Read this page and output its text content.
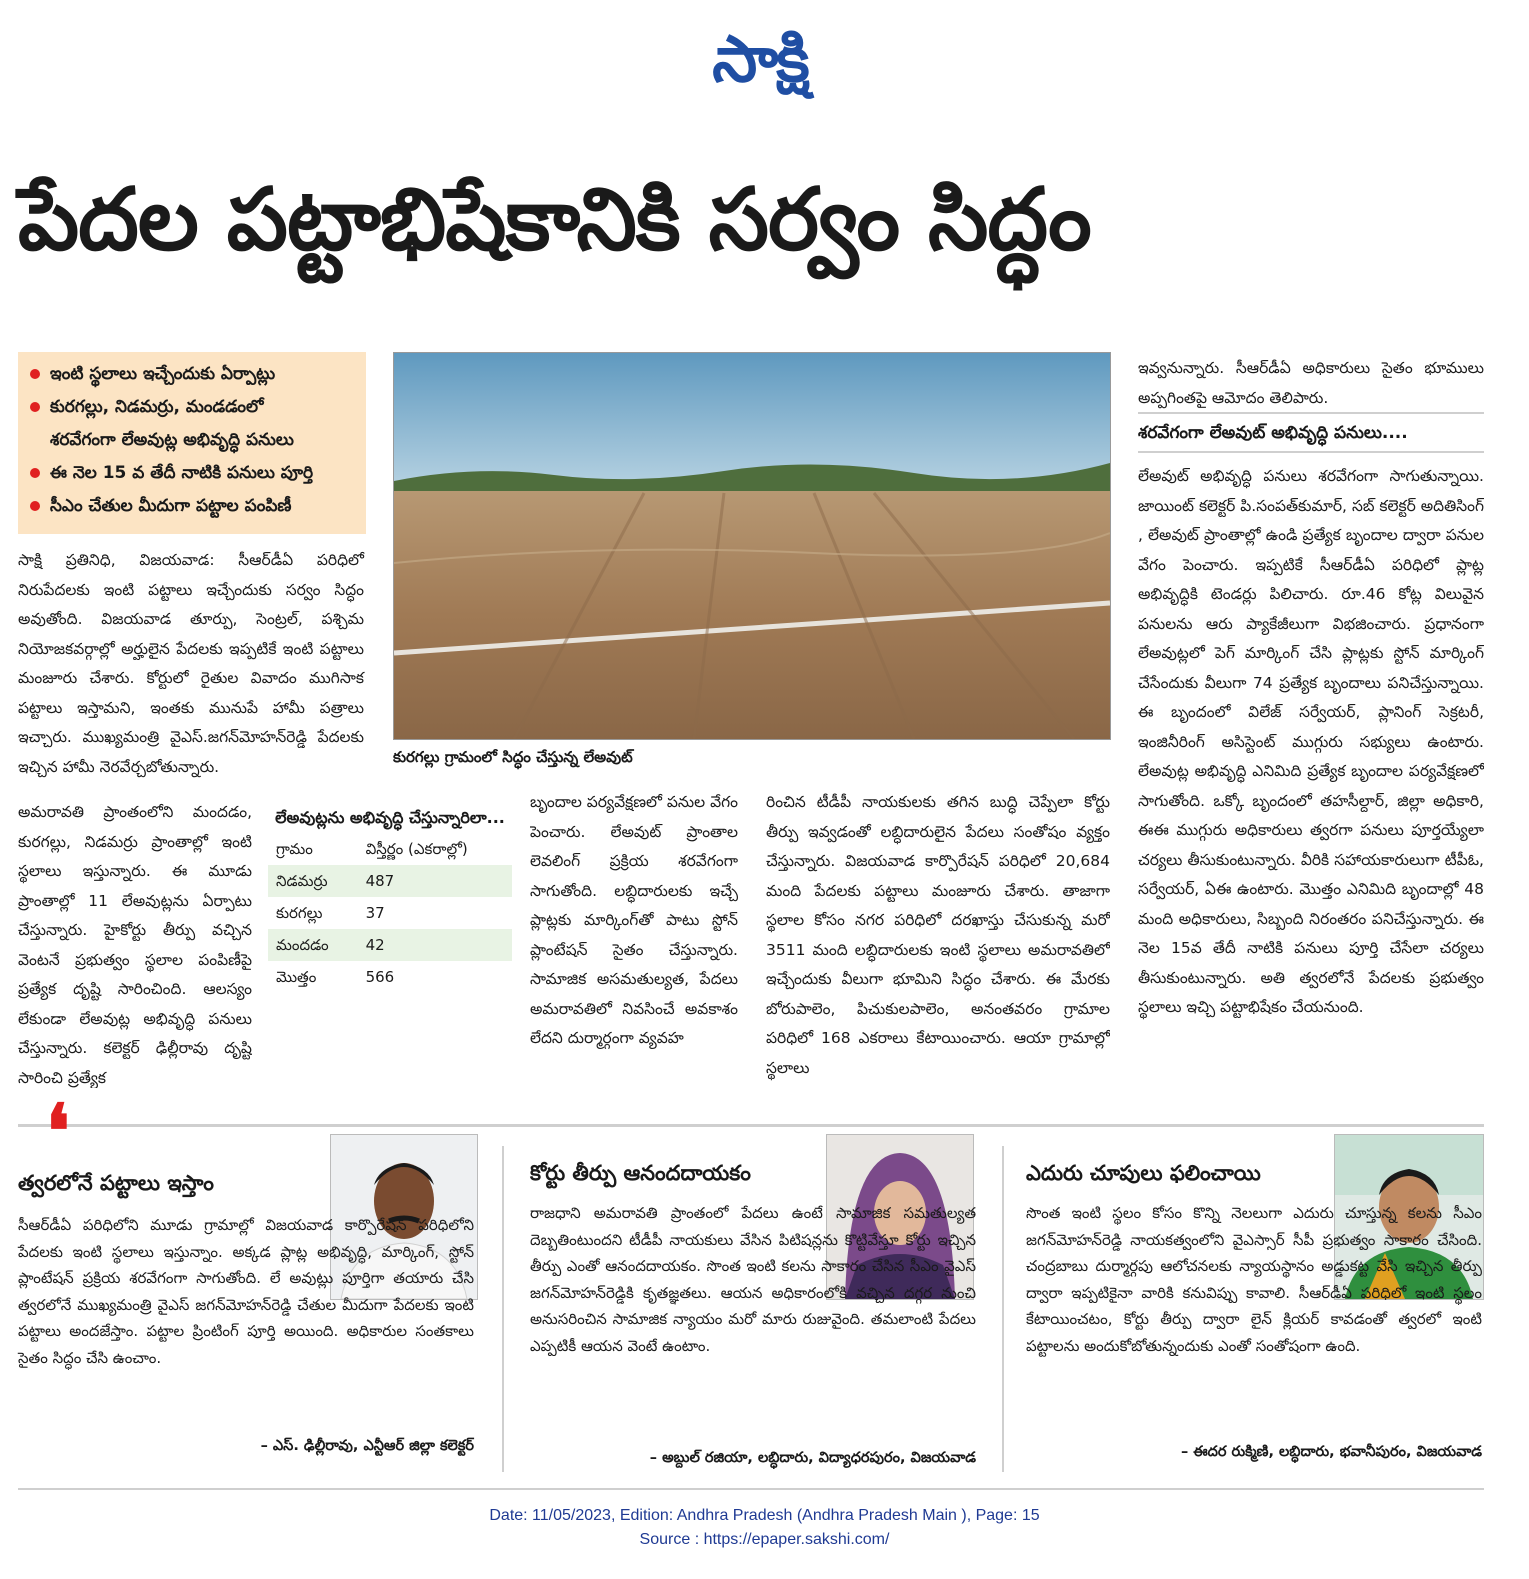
సాక్షి
పేదల పట్టాభిషేకానికి సర్వం సిద్ధం
ఇంటి స్థలాలు ఇచ్చేందుకు ఏర్పాట్లు
కురగల్లు, నిడమర్రు, మండడంలో
శరవేగంగా లేఅవుట్ల అభివృద్ధి పనులు
ఈ నెల 15 వ తేదీ నాటికి పనులు పూర్తి
సీఎం చేతుల మీదుగా పట్టాల పంపిణీ
కురగల్లు గ్రామంలో సిద్ధం చేస్తున్న లేఅవుట్

సాక్షి ప్రతినిధి, విజయవాడ: సీఆర్‌డీఏ పరిధిలో నిరుపేదలకు ఇంటి పట్టాలు ఇచ్చేందుకు సర్వం సిద్ధం అవుతోంది. విజయవాడ తూర్పు, సెంట్రల్, పశ్చిమ నియోజకవర్గాల్లో అర్హులైన పేదలకు ఇప్పటికే ఇంటి పట్టాలు మంజూరు చేశారు. కోర్టులో రైతుల వివాదం ముగిసాక పట్టాలు ఇస్తామని, ఇంతకు మునుపే హామీ పత్రాలు ఇచ్చారు. ముఖ్యమంత్రి వైఎస్‌.జగన్‌మోహన్‌రెడ్డి పేదలకు ఇచ్చిన హామీ నెరవేర్చబోతున్నారు.

అమరావతి ప్రాంతంలోని మందడం, కురగల్లు, నిడమర్రు ప్రాంతాల్లో ఇంటి స్థలాలు ఇస్తున్నారు. ఈ మూడు ప్రాంతాల్లో 11 లేఅవుట్లను ఏర్పాటు చేస్తున్నారు. హైకోర్టు తీర్పు వచ్చిన వెంటనే ప్రభుత్వం స్థలాల పంపిణీపై ప్రత్యేక దృష్టి సారించింది. ఆలస్యం లేకుండా లేఅవుట్ల అభివృద్ధి పనులు చేస్తున్నారు. కలెక్టర్‌ ఢిల్లీరావు దృష్టి సారించి ప్రత్యేక

లేఅవుట్లను అభివృద్ధి చేస్తున్నారిలా...
గ్రామం	విస్తీర్ణం (ఎకరాల్లో)
నిడమర్రు	487
కురగల్లు	37
మందడం	42
మొత్తం	566

బృందాల పర్యవేక్షణలో పనుల వేగం పెంచారు. లేఅవుట్‌ ప్రాంతాల లెవలింగ్‌ ప్రక్రియ శరవేగంగా సాగుతోంది. లబ్ధిదారులకు ఇచ్చే ప్లాట్లకు మార్కింగ్‌తో పాటు స్టోన్‌ ప్లాంటేషన్‌ సైతం చేస్తున్నారు. సామాజిక అసమతుల్యత, పేదలు అమరావతిలో నివసించే అవకాశం లేదని దుర్మార్గంగా వ్యవహ

రించిన టీడీపీ నాయకులకు తగిన బుద్ధి చెప్పేలా కోర్టు తీర్పు ఇవ్వడంతో లబ్ధిదారులైన పేదలు సంతోషం వ్యక్తం చేస్తున్నారు. విజయవాడ కార్పొరేషన్‌ పరిధిలో 20,684 మంది పేదలకు పట్టాలు మంజూరు చేశారు. తాజాగా స్థలాల కోసం నగర పరిధిలో దరఖాస్తు చేసుకున్న మరో 3511 మంది లబ్ధిదారులకు ఇంటి స్థలాలు అమరావతిలో ఇచ్చేందుకు వీలుగా భూమిని సిద్ధం చేశారు. ఈ మేరకు బోరుపాలెం, పిచుకులపాలెం, అనంతవరం గ్రామాల పరిధిలో 168 ఎకరాలు కేటాయించారు. ఆయా గ్రామాల్లో స్థలాలు

ఇవ్వనున్నారు. సీఆర్‌డీఏ అధికారులు సైతం భూములు అప్పగింతపై ఆమోదం తెలిపారు.

శరవేగంగా లేఅవుట్‌ అభివృద్ధి పనులు....

లేఅవుట్‌ అభివృద్ధి పనులు శరవేగంగా సాగుతున్నాయి. జాయింట్‌ కలెక్టర్‌ పి.సంపత్‌కుమార్, సబ్‌ కలెక్టర్‌ అదితిసింగ్‌ , లేఅవుట్‌ ప్రాంతాల్లో ఉండి ప్రత్యేక బృందాల ద్వారా పనుల వేగం పెంచారు. ఇప్పటికే సీఆర్‌డీఏ పరిధిలో ప్లాట్ల అభివృద్ధికి టెండర్లు పిలిచారు. రూ.46 కోట్ల విలువైన పనులను ఆరు ప్యాకేజీలుగా విభజించారు. ప్రధానంగా లేఅవుట్లలో పెగ్‌ మార్కింగ్‌ చేసి ప్లాట్లకు స్టోన్‌ మార్కింగ్‌ చేసేందుకు వీలుగా 74 ప్రత్యేక బృందాలు పనిచేస్తున్నాయి. ఈ బృందంలో విలేజ్‌ సర్వేయర్, ప్లానింగ్‌ సెక్రటరీ, ఇంజినీరింగ్‌ అసిస్టెంట్‌ ముగ్గురు సభ్యులు ఉంటారు. లేఅవుట్ల అభివృద్ధి ఎనిమిది ప్రత్యేక బృందాల పర్యవేక్షణలో సాగుతోంది. ఒక్కో బృందంలో తహసీల్దార్, జిల్లా అధికారి, ఈఈ ముగ్గురు అధికారులు త్వరగా పనులు పూర్తయ్యేలా చర్యలు తీసుకుంటున్నారు. వీరికి సహాయకారులుగా టీపీఓ, సర్వేయర్, ఏఈ ఉంటారు. మొత్తం ఎనిమిది బృందాల్లో 48 మంది అధికారులు, సిబ్బంది నిరంతరం పనిచేస్తున్నారు. ఈ నెల 15వ తేదీ నాటికి పనులు పూర్తి చేసేలా చర్యలు తీసుకుంటున్నారు. అతి త్వరలోనే పేదలకు ప్రభుత్వం స్థలాలు ఇచ్చి పట్టాభిషేకం చేయనుంది.

❛
త్వరలోనే పట్టాలు ఇస్తాం
సీఆర్‌డీఏ పరిధిలోని మూడు గ్రామాల్లో విజయవాడ కార్పొరేషన్‌ పరిధిలోని పేదలకు ఇంటి స్థలాలు ఇస్తున్నాం. అక్కడ ప్లాట్ల అభివృద్ధి, మార్కింగ్, స్టోన్‌ ప్లాంటేషన్‌ ప్రక్రియ శరవేగంగా సాగుతోంది. లే అవుట్లు పూర్తిగా తయారు చేసి త్వరలోనే ముఖ్యమంత్రి వైఎస్‌ జగన్‌మోహన్‌రెడ్డి చేతుల మీదుగా పేదలకు ఇంటి పట్టాలు అందజేస్తాం. పట్టాల ప్రింటింగ్‌ పూర్తి అయింది. అధికారుల సంతకాలు సైతం సిద్ధం చేసి ఉంచాం.
– ఎస్‌. ఢిల్లీరావు, ఎన్టీఆర్‌ జిల్లా కలెక్టర్‌
కోర్టు తీర్పు ఆనందదాయకం
రాజధాని అమరావతి ప్రాంతంలో పేదలు ఉంటే సామాజిక సమతుల్యత దెబ్బతింటుందని టీడీపీ నాయకులు వేసిన పిటిషన్లను కొట్టివేస్తూ కోర్టు ఇచ్చిన తీర్పు ఎంతో ఆనందదాయకం. సొంత ఇంటి కలను సాకారం చేసిన సీఎం వైఎస్‌ జగన్‌మోహన్‌రెడ్డికి కృతజ్ఞతలు. ఆయన అధికారంలోకి వచ్చిన దగ్గర నుంచి అనుసరించిన సామాజిక న్యాయం మరో మారు రుజువైంది. తమలాంటి పేదలు ఎప్పటికీ ఆయన వెంటే ఉంటాం.
– అబ్దుల్‌ రజియా, లబ్ధిదారు, విద్యాధరపురం, విజయవాడ
ఎదురు చూపులు ఫలించాయి
సొంత ఇంటి స్థలం కోసం కొన్ని నెలలుగా ఎదురు చూస్తున్న కలను సీఎం జగన్‌మోహన్‌రెడ్డి నాయకత్వంలోని వైఎస్సార్‌ సీపీ ప్రభుత్వం సాకారం చేసింది. చంద్రబాబు దుర్మార్గపు ఆలోచనలకు న్యాయస్థానం అడ్డుకట్ట వేసి ఇచ్చిన తీర్పు ద్వారా ఇప్పటికైనా వారికి కనువిప్పు కావాలి. సీఆర్‌డీఏ పరిధిలో ఇంటి స్థలం కేటాయించటం, కోర్టు తీర్పు ద్వారా లైన్‌ క్లియర్‌ కావడంతో త్వరలో ఇంటి పట్టాలను అందుకోబోతున్నందుకు ఎంతో సంతోషంగా ఉంది.
– ఈదర రుక్మిణి, లబ్ధిదారు, భవానీపురం, విజయవాడ
Date: 11/05/2023, Edition: Andhra Pradesh (Andhra Pradesh Main ), Page: 15
Source : https://epaper.sakshi.com/
